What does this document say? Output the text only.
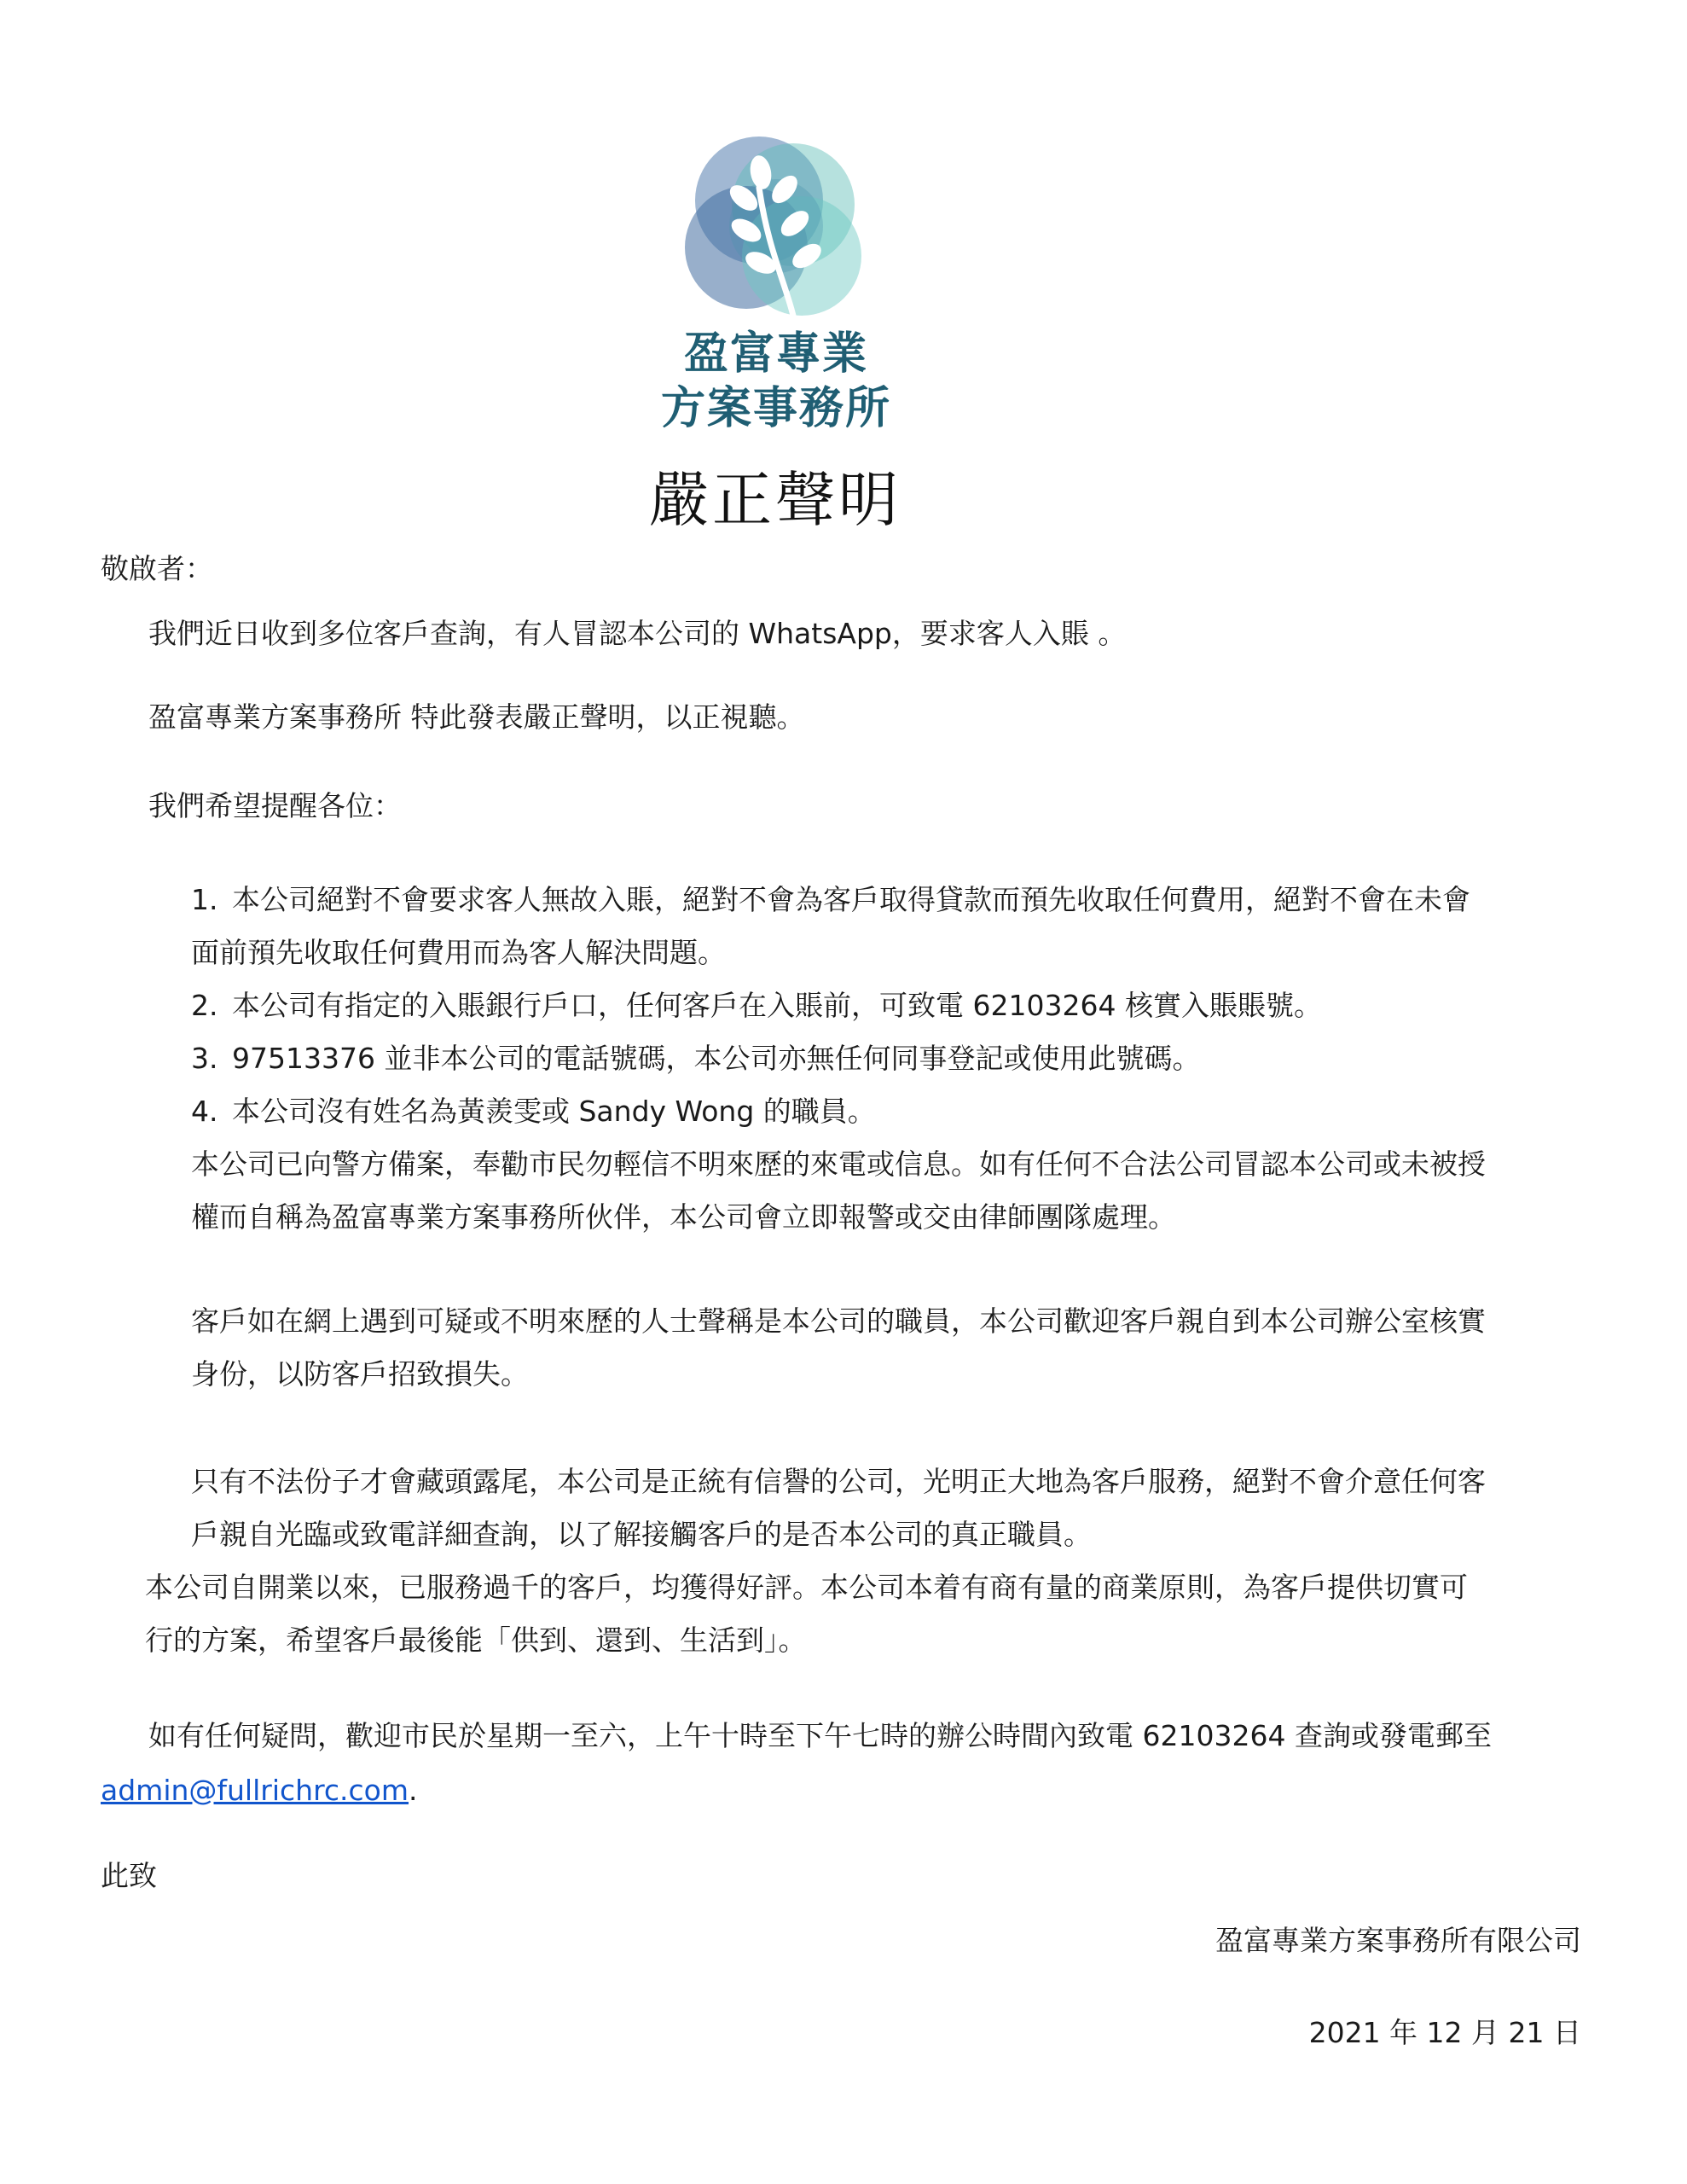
盈富專業
方案事務所
嚴正聲明
敬啟者：
我們近日收到多位客戶查詢，有人冒認本公司的 WhatsApp，要求客人入賬 。
盈富專業方案事務所 特此發表嚴正聲明，以正視聽。
我們希望提醒各位：
1. 本公司絕對不會要求客人無故入賬，絕對不會為客戶取得貸款而預先收取任何費用，絕對不會在未會
面前預先收取任何費用而為客人解決問題。
2. 本公司有指定的入賬銀行戶口，任何客戶在入賬前，可致電 62103264 核實入賬賬號。
3. 97513376 並非本公司的電話號碼，本公司亦無任何同事登記或使用此號碼。
4. 本公司沒有姓名為黃羨雯或 Sandy Wong 的職員。
本公司已向警方備案，奉勸市民勿輕信不明來歷的來電或信息。如有任何不合法公司冒認本公司或未被授
權而自稱為盈富專業方案事務所伙伴，本公司會立即報警或交由律師團隊處理。
客戶如在網上遇到可疑或不明來歷的人士聲稱是本公司的職員，本公司歡迎客戶親自到本公司辦公室核實
身份，以防客戶招致損失。
只有不法份子才會藏頭露尾，本公司是正統有信譽的公司，光明正大地為客戶服務，絕對不會介意任何客
戶親自光臨或致電詳細查詢，以了解接觸客戶的是否本公司的真正職員。
本公司自開業以來，已服務過千的客戶，均獲得好評。本公司本着有商有量的商業原則，為客戶提供切實可
行的方案，希望客戶最後能「供到、還到、生活到」。
如有任何疑問，歡迎市民於星期一至六，上午十時至下午七時的辦公時間內致電 62103264 查詢或發電郵至
admin@fullrichrc.com.
此致
盈富專業方案事務所有限公司
2021 年 12 月 21 日
